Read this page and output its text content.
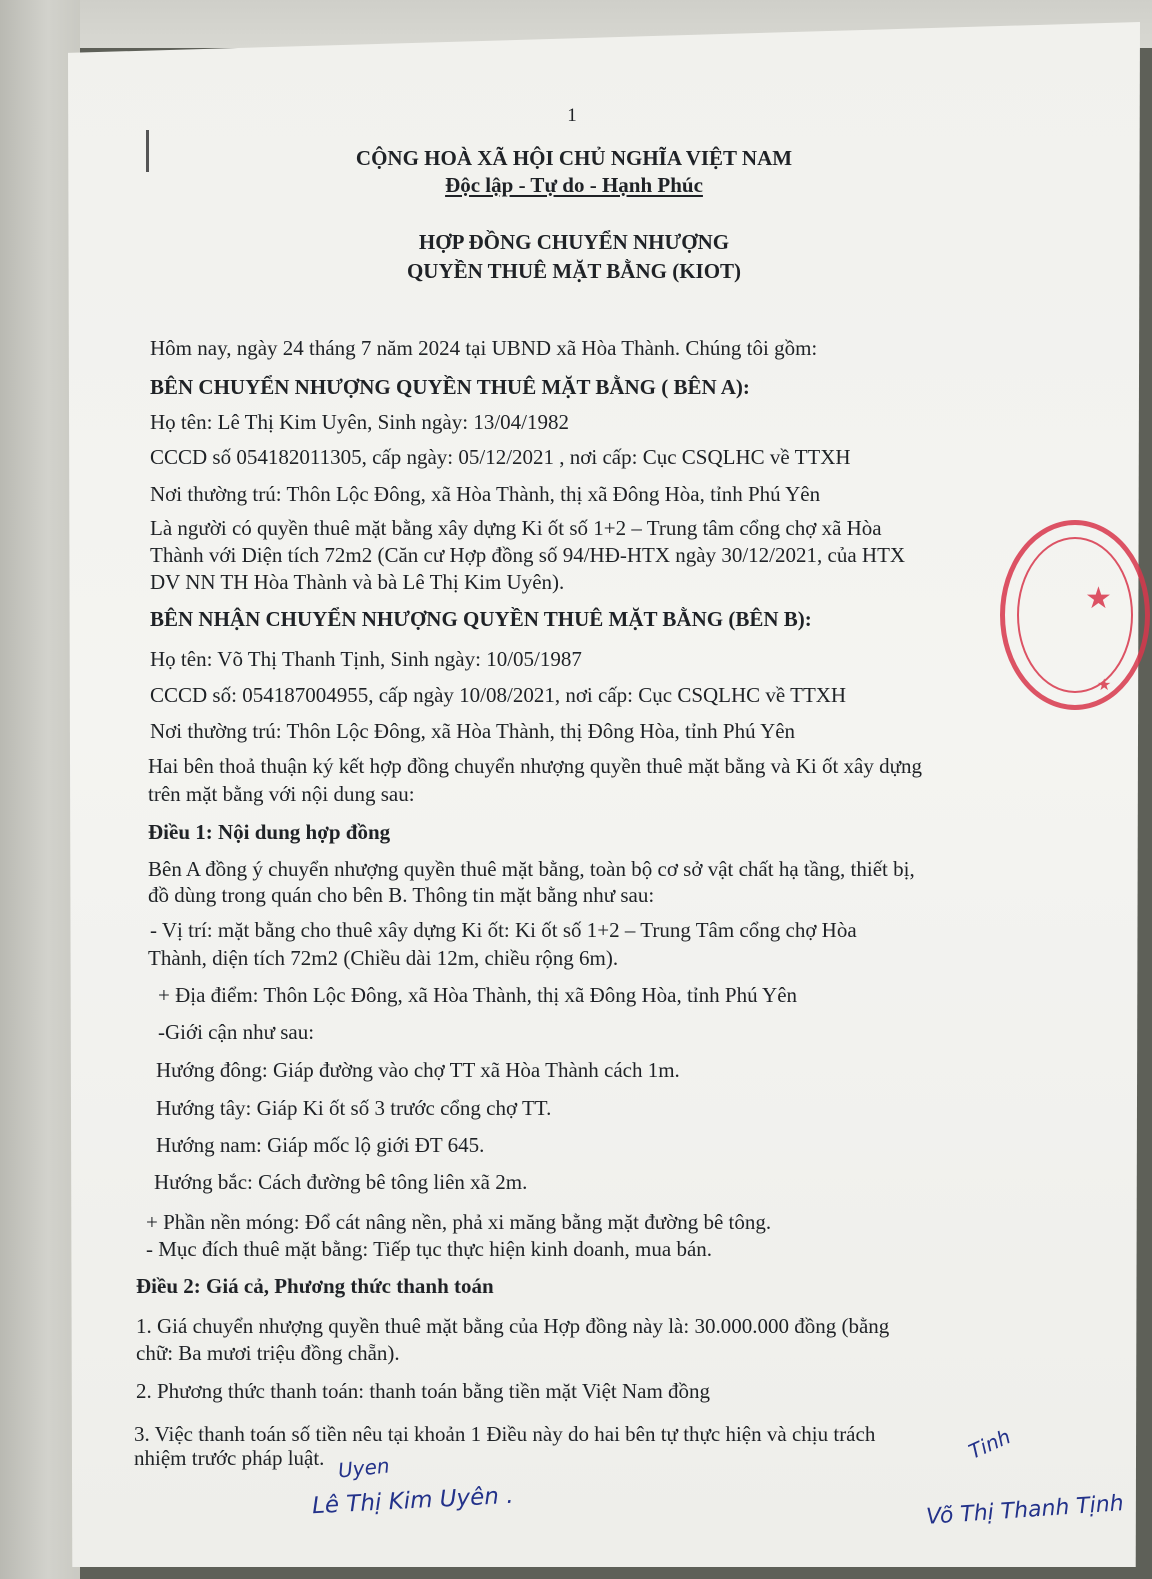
1
CỘNG HOÀ XÃ HỘI CHỦ NGHĨA VIỆT NAM
Độc lập - Tự do - Hạnh Phúc
HỢP ĐỒNG CHUYỂN NHƯỢNG
QUYỀN THUÊ MẶT BẰNG (KIOT)
Hôm nay, ngày 24 tháng 7 năm 2024 tại UBND xã Hòa Thành. Chúng tôi gồm:
BÊN CHUYỂN NHƯỢNG QUYỀN THUÊ MẶT BẰNG ( BÊN A):
Họ tên: Lê Thị Kim Uyên, Sinh ngày: 13/04/1982
CCCD số 054182011305, cấp ngày: 05/12/2021 , nơi cấp: Cục CSQLHC về TTXH
Nơi thường trú: Thôn Lộc Đông, xã Hòa Thành, thị xã Đông Hòa, tỉnh Phú Yên
Là người có quyền thuê mặt bằng xây dựng Ki ốt số 1+2 – Trung tâm cổng chợ xã Hòa
Thành với Diện tích 72m2 (Căn cư Hợp đồng số 94/HĐ-HTX ngày 30/12/2021, của HTX
DV NN TH Hòa Thành và bà Lê Thị Kim Uyên).
BÊN NHẬN CHUYỂN NHƯỢNG QUYỀN THUÊ MẶT BẰNG (BÊN B):
Họ tên: Võ Thị Thanh Tịnh, Sinh ngày: 10/05/1987
CCCD số: 054187004955, cấp ngày 10/08/2021, nơi cấp: Cục CSQLHC về TTXH
Nơi thường trú: Thôn Lộc Đông, xã Hòa Thành, thị Đông Hòa, tỉnh Phú Yên
Hai bên thoả thuận ký kết hợp đồng chuyển nhượng quyền thuê mặt bằng và Ki ốt xây dựng
trên mặt bằng với nội dung sau:
Điều 1: Nội dung hợp đồng
Bên A đồng ý chuyển nhượng quyền thuê mặt bằng, toàn bộ cơ sở vật chất hạ tầng, thiết bị,
đồ dùng trong quán cho bên B. Thông tin mặt bằng như sau:
- Vị trí: mặt bằng cho thuê xây dựng Ki ốt: Ki ốt số 1+2 – Trung Tâm cổng chợ Hòa
Thành, diện tích 72m2 (Chiều dài 12m, chiều rộng 6m).
+ Địa điểm: Thôn Lộc Đông, xã Hòa Thành, thị xã Đông Hòa, tỉnh Phú Yên
-Giới cận như sau:
Hướng đông: Giáp đường vào chợ TT xã Hòa Thành cách 1m.
Hướng tây: Giáp Ki ốt số 3 trước cổng chợ TT.
Hướng nam: Giáp mốc lộ giới ĐT 645.
Hướng bắc: Cách đường bê tông liên xã 2m.
+ Phần nền móng: Đổ cát nâng nền, phả xi măng bằng mặt đường bê tông.
- Mục đích thuê mặt bằng: Tiếp tục thực hiện kinh doanh, mua bán.
Điều 2: Giá cả, Phương thức thanh toán
1. Giá chuyển nhượng quyền thuê mặt bằng của Hợp đồng này là: 30.000.000 đồng (bằng
chữ: Ba mươi triệu đồng chẵn).
2. Phương thức thanh toán: thanh toán bằng tiền mặt Việt Nam đồng
3. Việc thanh toán số tiền nêu tại khoản 1 Điều này do hai bên tự thực hiện và chịu trách
nhiệm trước pháp luật.
★
★
Uyen
Lê Thị Kim Uyên .
Tinh
Võ Thị Thanh Tịnh
